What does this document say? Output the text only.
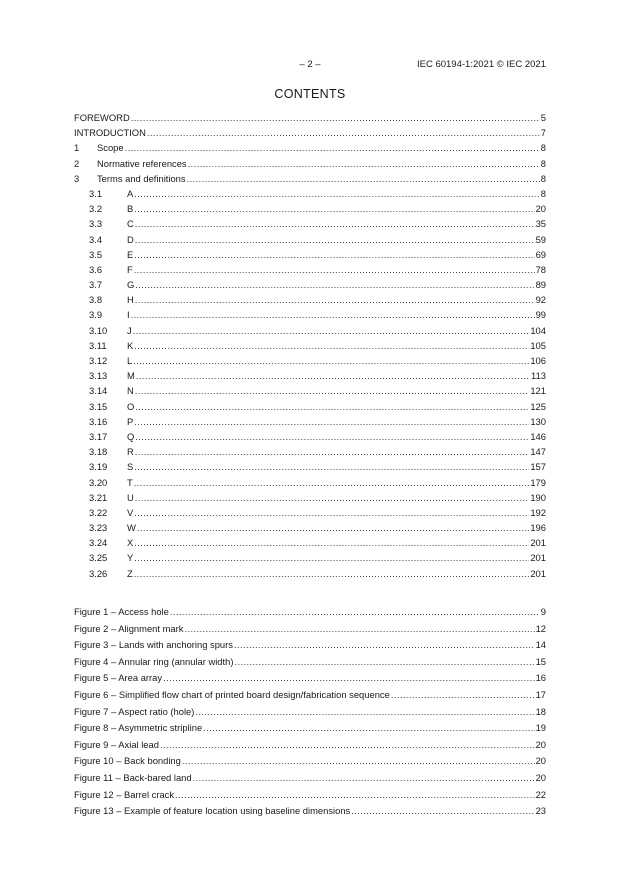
– 2 –	IEC 60194-1:2021 © IEC 2021
CONTENTS
FOREWORD .....	5
INTRODUCTION .....	7
1	Scope .....	8
2	Normative references .....	8
3	Terms and definitions .....	8
3.1	A .....	8
3.2	B .....	20
3.3	C .....	35
3.4	D .....	59
3.5	E .....	69
3.6	F .....	78
3.7	G .....	89
3.8	H .....	92
3.9	I .....	99
3.10	J .....	104
3.11	K .....	105
3.12	L .....	106
3.13	M .....	113
3.14	N .....	121
3.15	O .....	125
3.16	P .....	130
3.17	Q .....	146
3.18	R .....	147
3.19	S .....	157
3.20	T .....	179
3.21	U .....	190
3.22	V .....	192
3.23	W .....	196
3.24	X .....	201
3.25	Y .....	201
3.26	Z .....	201
Figure 1 – Access hole .....	9
Figure 2 – Alignment mark .....	12
Figure 3 – Lands with anchoring spurs .....	14
Figure 4 – Annular ring (annular width) .....	15
Figure 5 – Area array .....	16
Figure 6 – Simplified flow chart of printed board design/fabrication sequence .....	17
Figure 7 – Aspect ratio (hole) .....	18
Figure 8 – Asymmetric stripline .....	19
Figure 9 – Axial lead .....	20
Figure 10 – Back bonding .....	20
Figure 11 – Back-bared land .....	20
Figure 12 – Barrel crack .....	22
Figure 13 – Example of feature location using baseline dimensions .....	23
